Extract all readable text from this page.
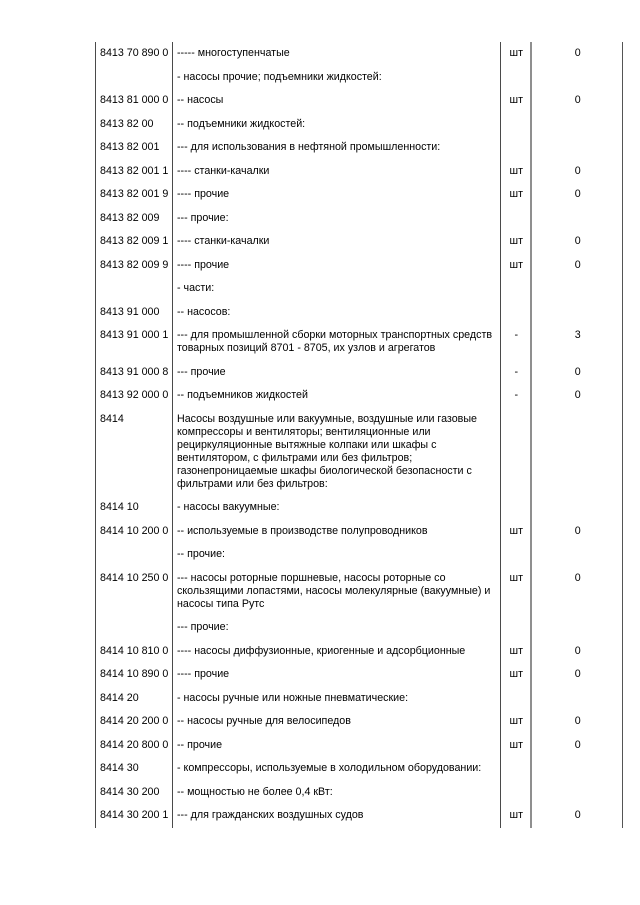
8413 70 890 0	----- многоступенчатые	шт	0
	- насосы прочие; подъемники жидкостей:		
8413 81 000 0	-- насосы	шт	0
8413 82 00	-- подъемники жидкостей:		
8413 82 001	--- для использования в нефтяной промышленности:		
8413 82 001 1	---- станки-качалки	шт	0
8413 82 001 9	---- прочие	шт	0
8413 82 009	--- прочие:		
8413 82 009 1	---- станки-качалки	шт	0
8413 82 009 9	---- прочие	шт	0
	- части:		
8413 91 000	-- насосов:		
8413 91 000 1	--- для промышленной сборки моторных транспортных средств товарных позиций 8701 - 8705, их узлов и агрегатов	-	3
8413 91 000 8	--- прочие	-	0
8413 92 000 0	-- подъемников жидкостей	-	0
8414	Насосы воздушные или вакуумные, воздушные или газовые компрессоры и вентиляторы; вентиляционные или рециркуляционные вытяжные колпаки или шкафы с вентилятором, с фильтрами или без фильтров; газонепроницаемые шкафы биологической безопасности с фильтрами или без фильтров:		
8414 10	- насосы вакуумные:		
8414 10 200 0	-- используемые в производстве полупроводников	шт	0
	-- прочие:		
8414 10 250 0	--- насосы роторные поршневые, насосы роторные со скользящими лопастями, насосы молекулярные (вакуумные) и насосы типа Рутс	шт	0
	--- прочие:		
8414 10 810 0	---- насосы диффузионные, криогенные и адсорбционные	шт	0
8414 10 890 0	---- прочие	шт	0
8414 20	- насосы ручные или ножные пневматические:		
8414 20 200 0	-- насосы ручные для велосипедов	шт	0
8414 20 800 0	-- прочие	шт	0
8414 30	- компрессоры, используемые в холодильном оборудовании:		
8414 30 200	-- мощностью не более 0,4 кВт:		
8414 30 200 1	--- для гражданских воздушных судов	шт	0
